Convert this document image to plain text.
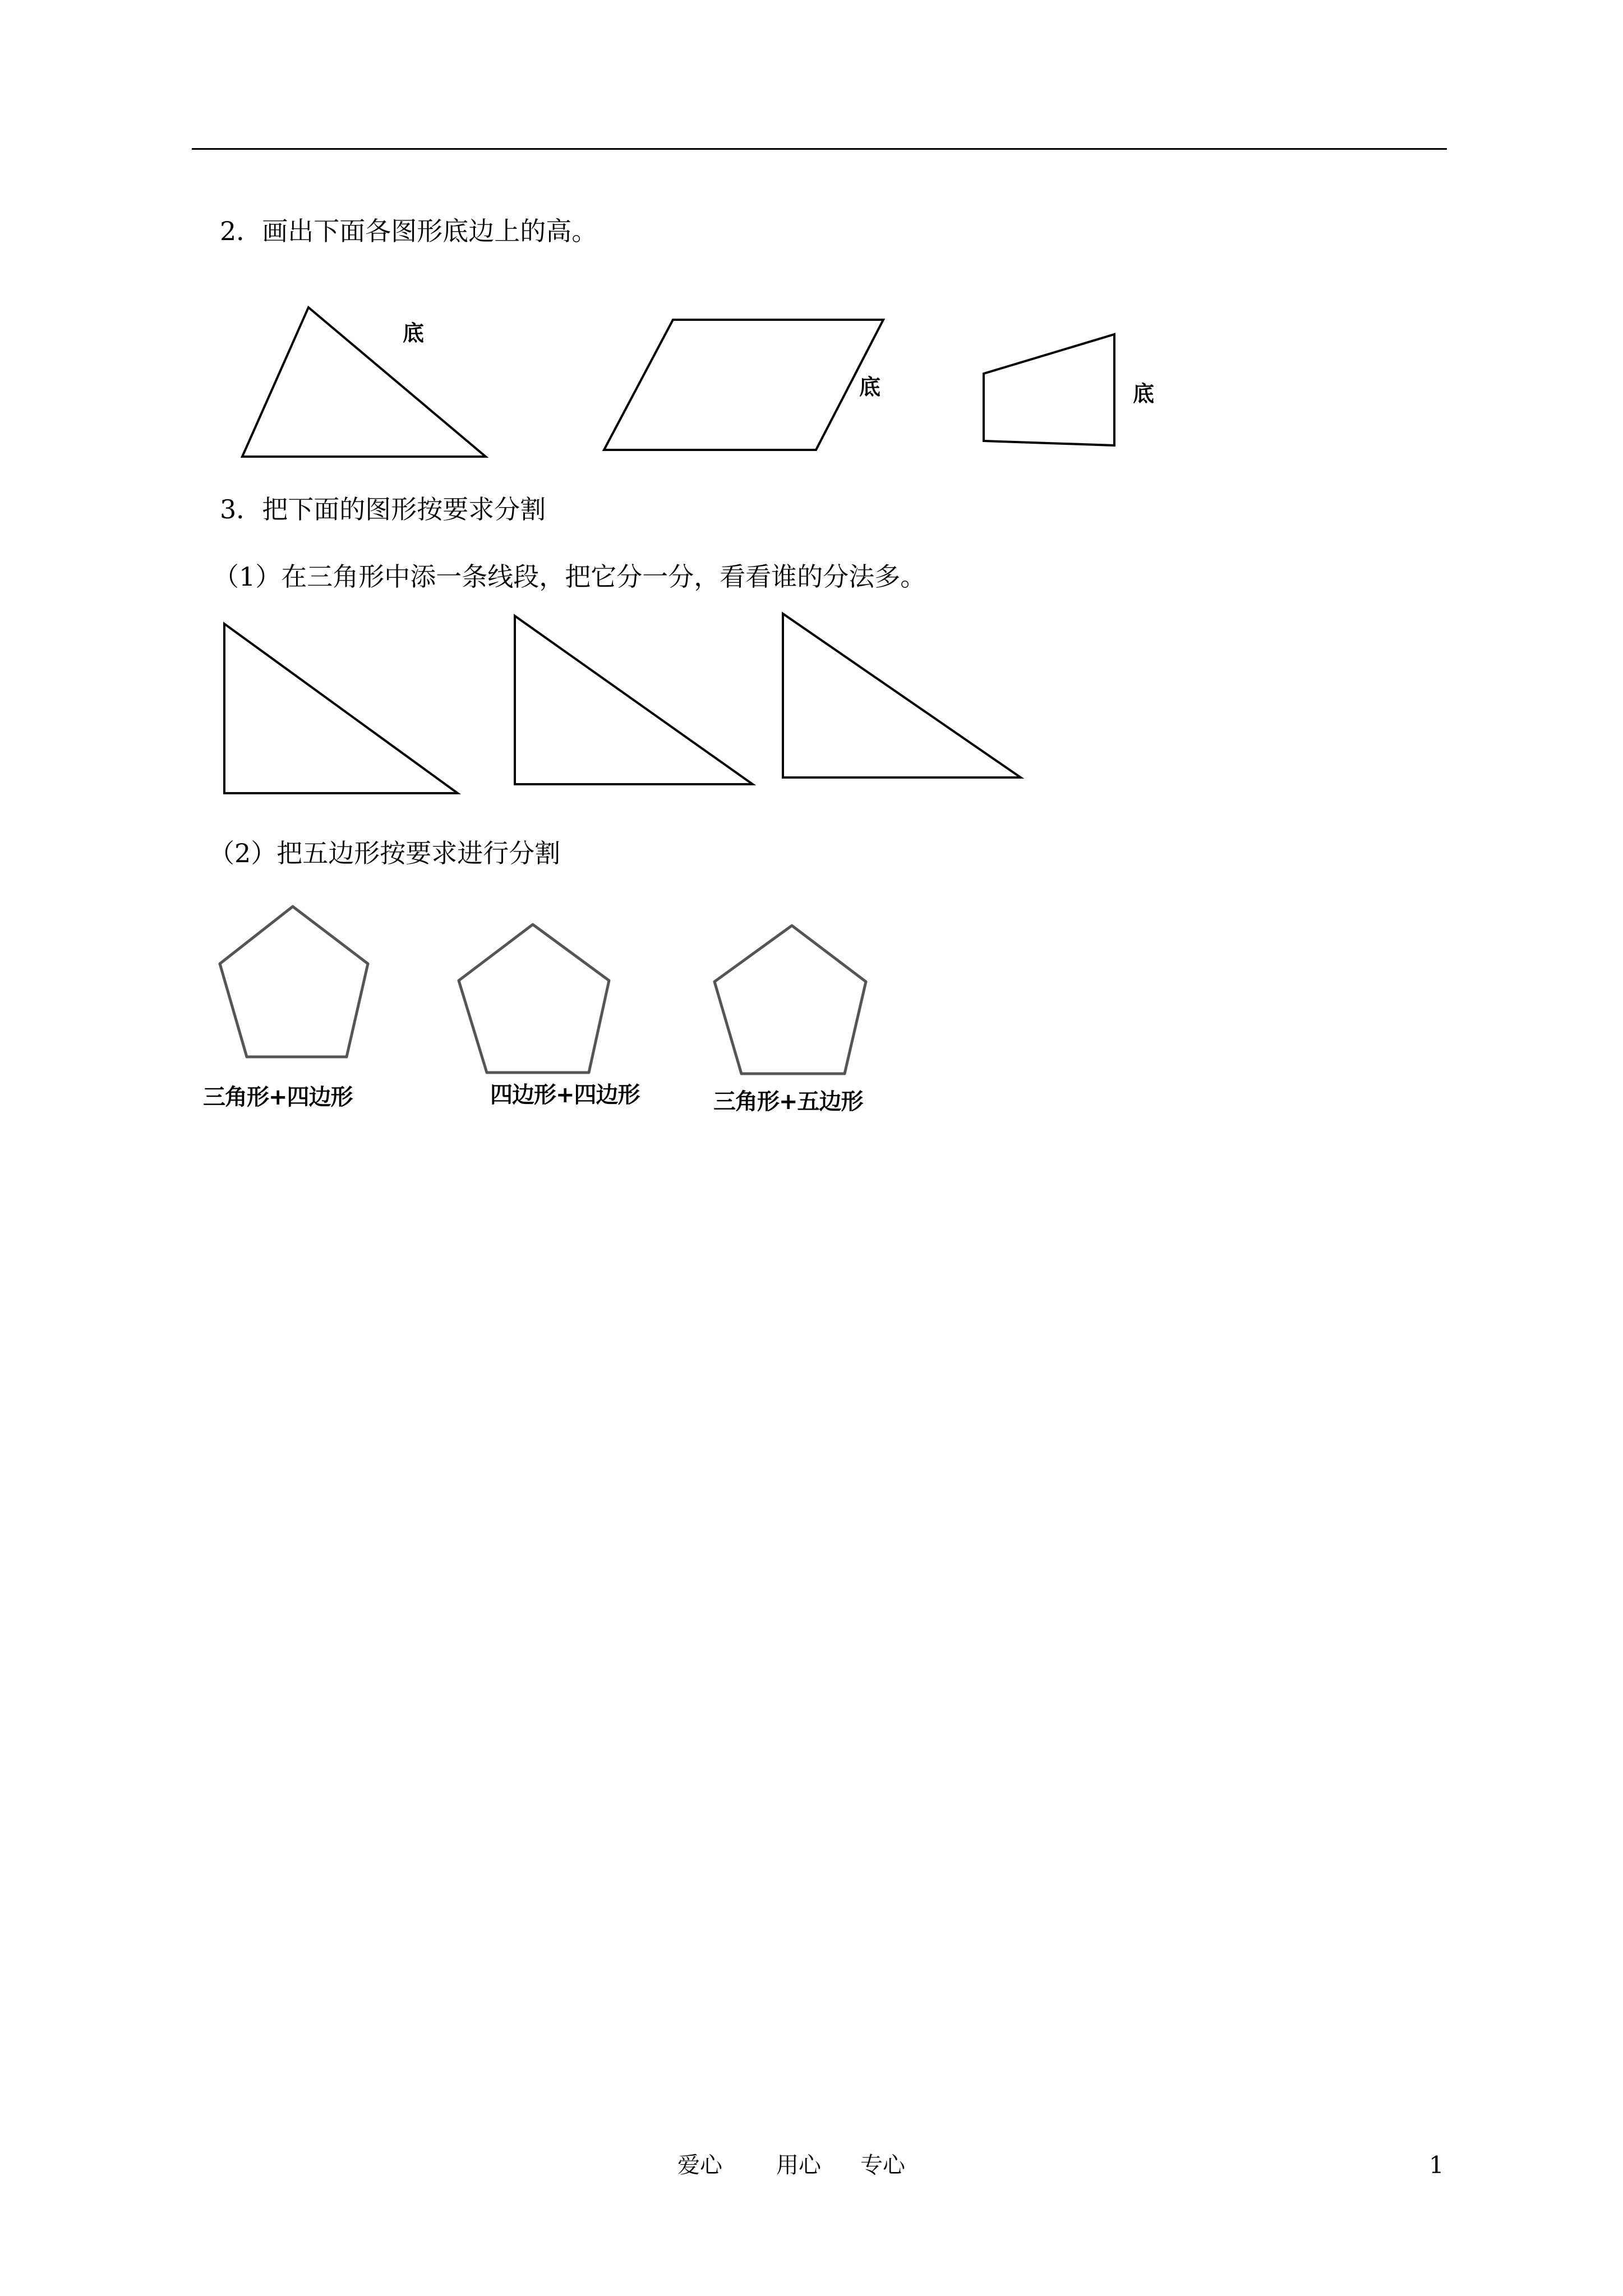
2．画出下面各图形底边上的高。
底
底	底
3．把下面的图形按要求分割
（1）在三角形中添一条线段，把它分一分，看看谁的分法多。
（2）把五边形按要求进行分割
三角形+四边形	四边形+四边形	三角形+五边形
爱心 用心 专心	1
